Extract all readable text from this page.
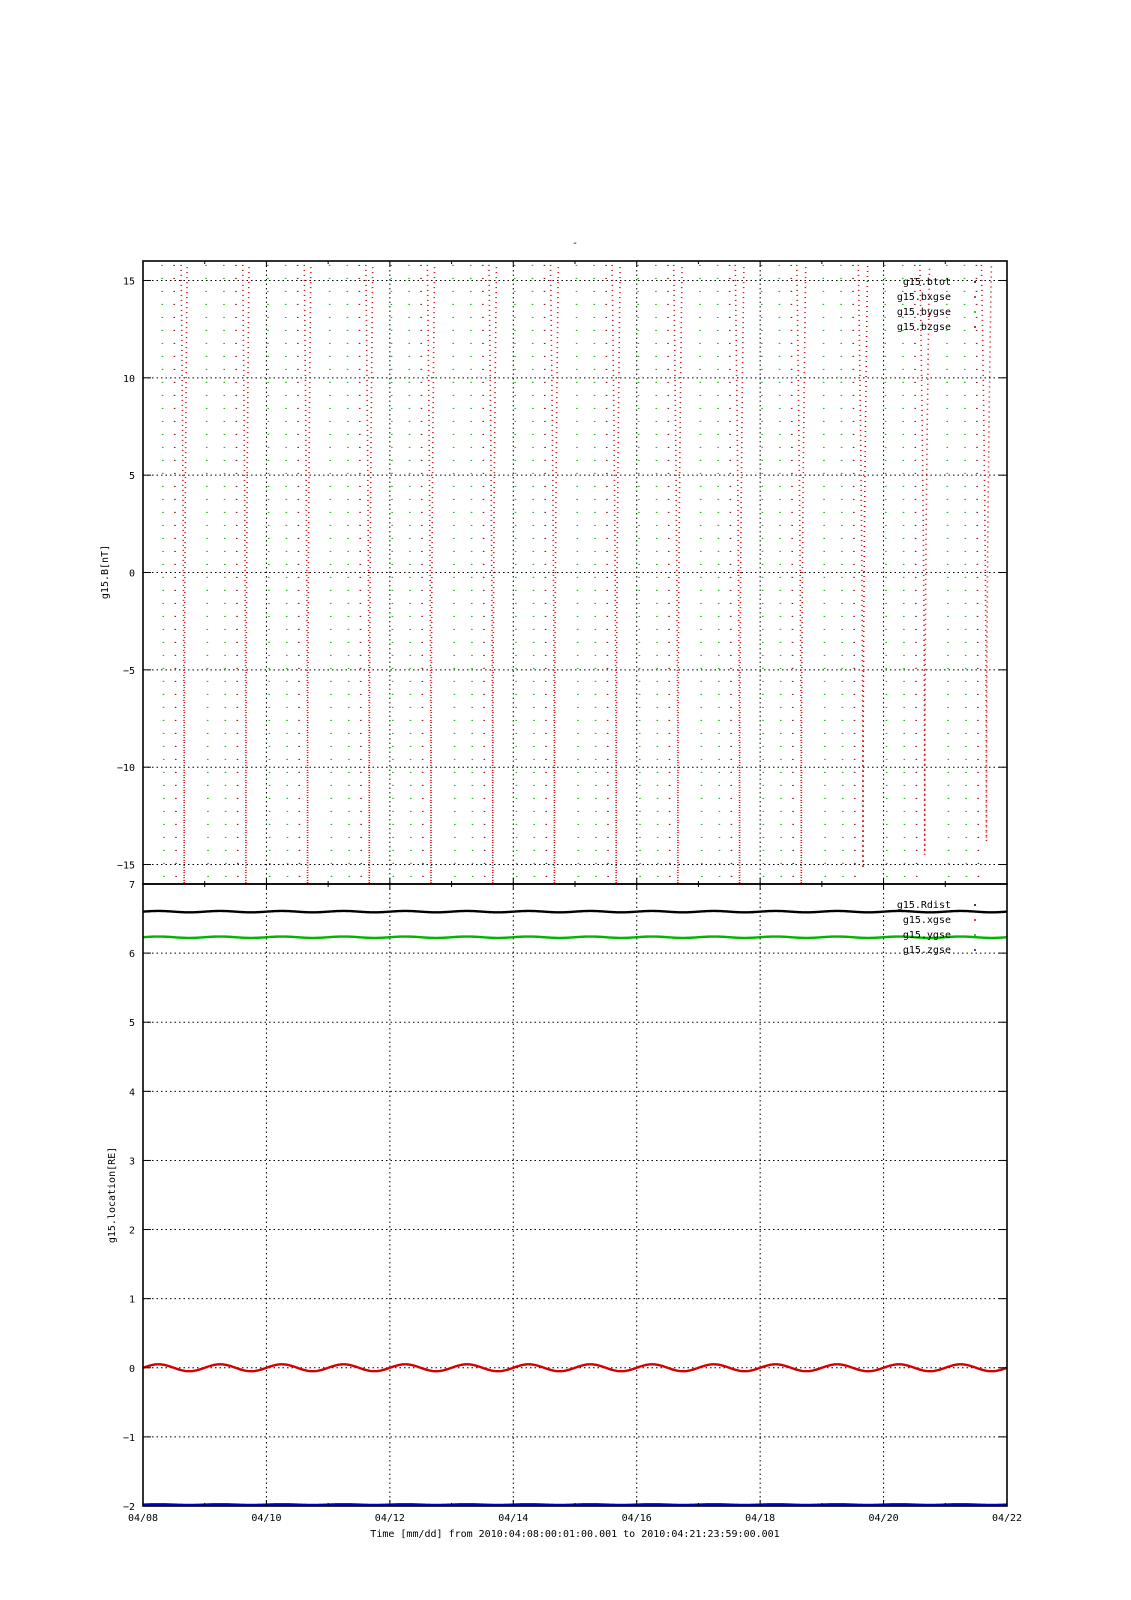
-
−15
−10
−5
0
5
10
15
g15.B[nT]
g15.btot
g15.bxgse
g15.bygse
g15.bzgse
−2
−1
0
1
2
3
4
5
6
7
g15.location[RE]
g15.Rdist
g15.xgse
g15.ygse
g15.zgse
04/08	04/10	04/12	04/14	04/16	04/18	04/20	04/22
Time [mm/dd] from 2010:04:08:00:01:00.001 to 2010:04:21:23:59:00.001
